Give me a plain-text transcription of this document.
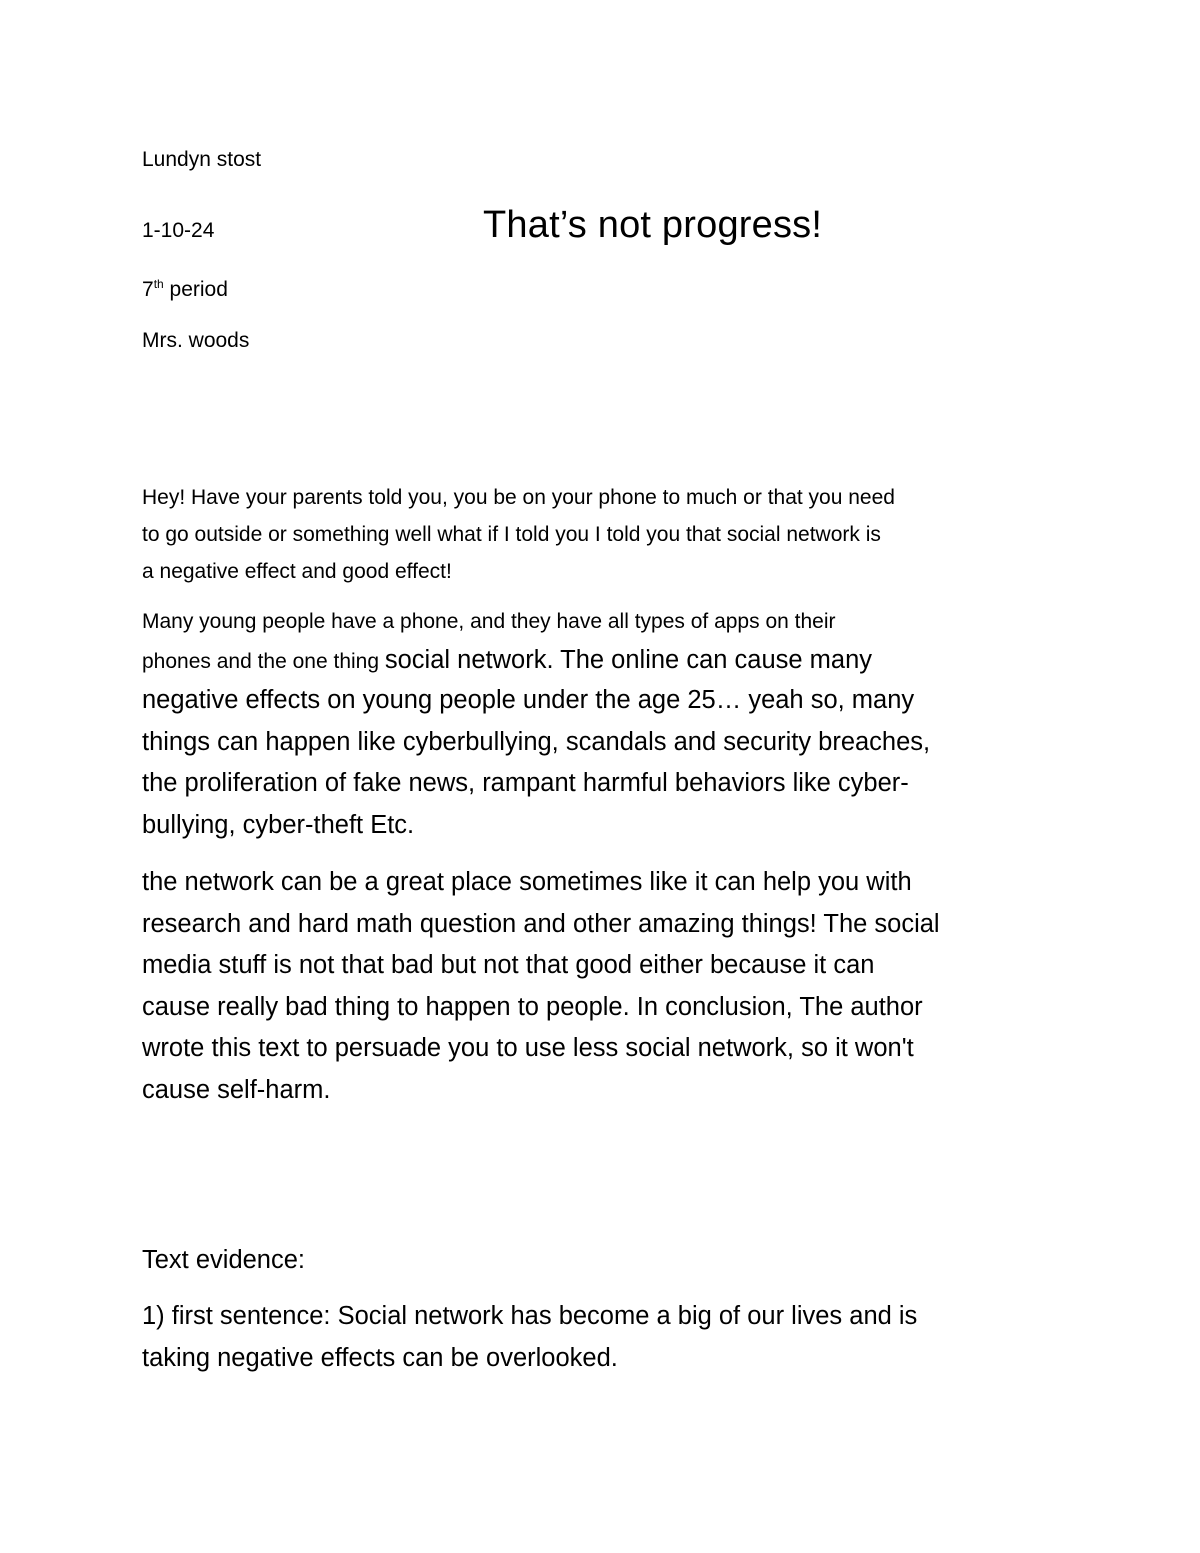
Lundyn stost

1-10-24	That’s not progress!

7th period

Mrs. woods

Hey! Have your parents told you, you be on your phone to much or that you need
to go outside or something well what if I told you I told you that social network is
a negative effect and good effect!
Many young people have a phone, and they have all types of apps on their
phones and the one thing social network. The online can cause many
negative effects on young people under the age 25… yeah so, many
things can happen like cyberbullying, scandals and security breaches,
the proliferation of fake news, rampant harmful behaviors like cyber-
bullying, cyber-theft Etc.
the network can be a great place sometimes like it can help you with
research and hard math question and other amazing things! The social
media stuff is not that bad but not that good either because it can
cause really bad thing to happen to people. In conclusion, The author
wrote this text to persuade you to use less social network, so it won't
cause self-harm.
Text evidence:
1) first sentence: Social network has become a big of our lives and is
taking negative effects can be overlooked.
